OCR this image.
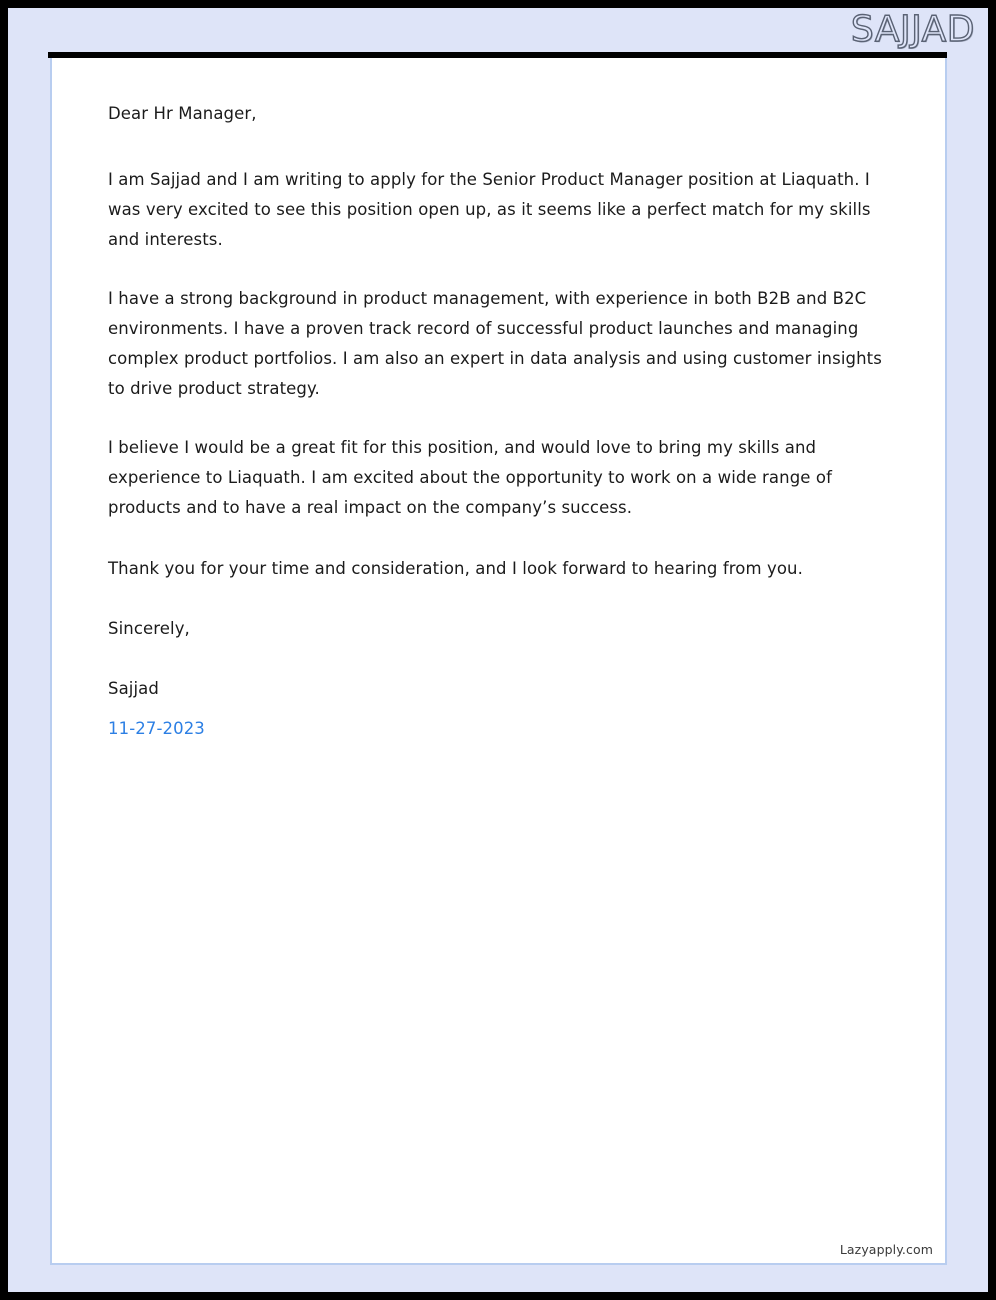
SAJJAD

Dear Hr Manager,

I am Sajjad and I am writing to apply for the Senior Product Manager position at Liaquath. I was very excited to see this position open up, as it seems like a perfect match for my skills and interests.

I have a strong background in product management, with experience in both B2B and B2C environments. I have a proven track record of successful product launches and managing complex product portfolios. I am also an expert in data analysis and using customer insights to drive product strategy.

I believe I would be a great fit for this position, and would love to bring my skills and experience to Liaquath. I am excited about the opportunity to work on a wide range of products and to have a real impact on the company’s success.

Thank you for your time and consideration, and I look forward to hearing from you.

Sincerely,

Sajjad

11-27-2023

Lazyapply.com
